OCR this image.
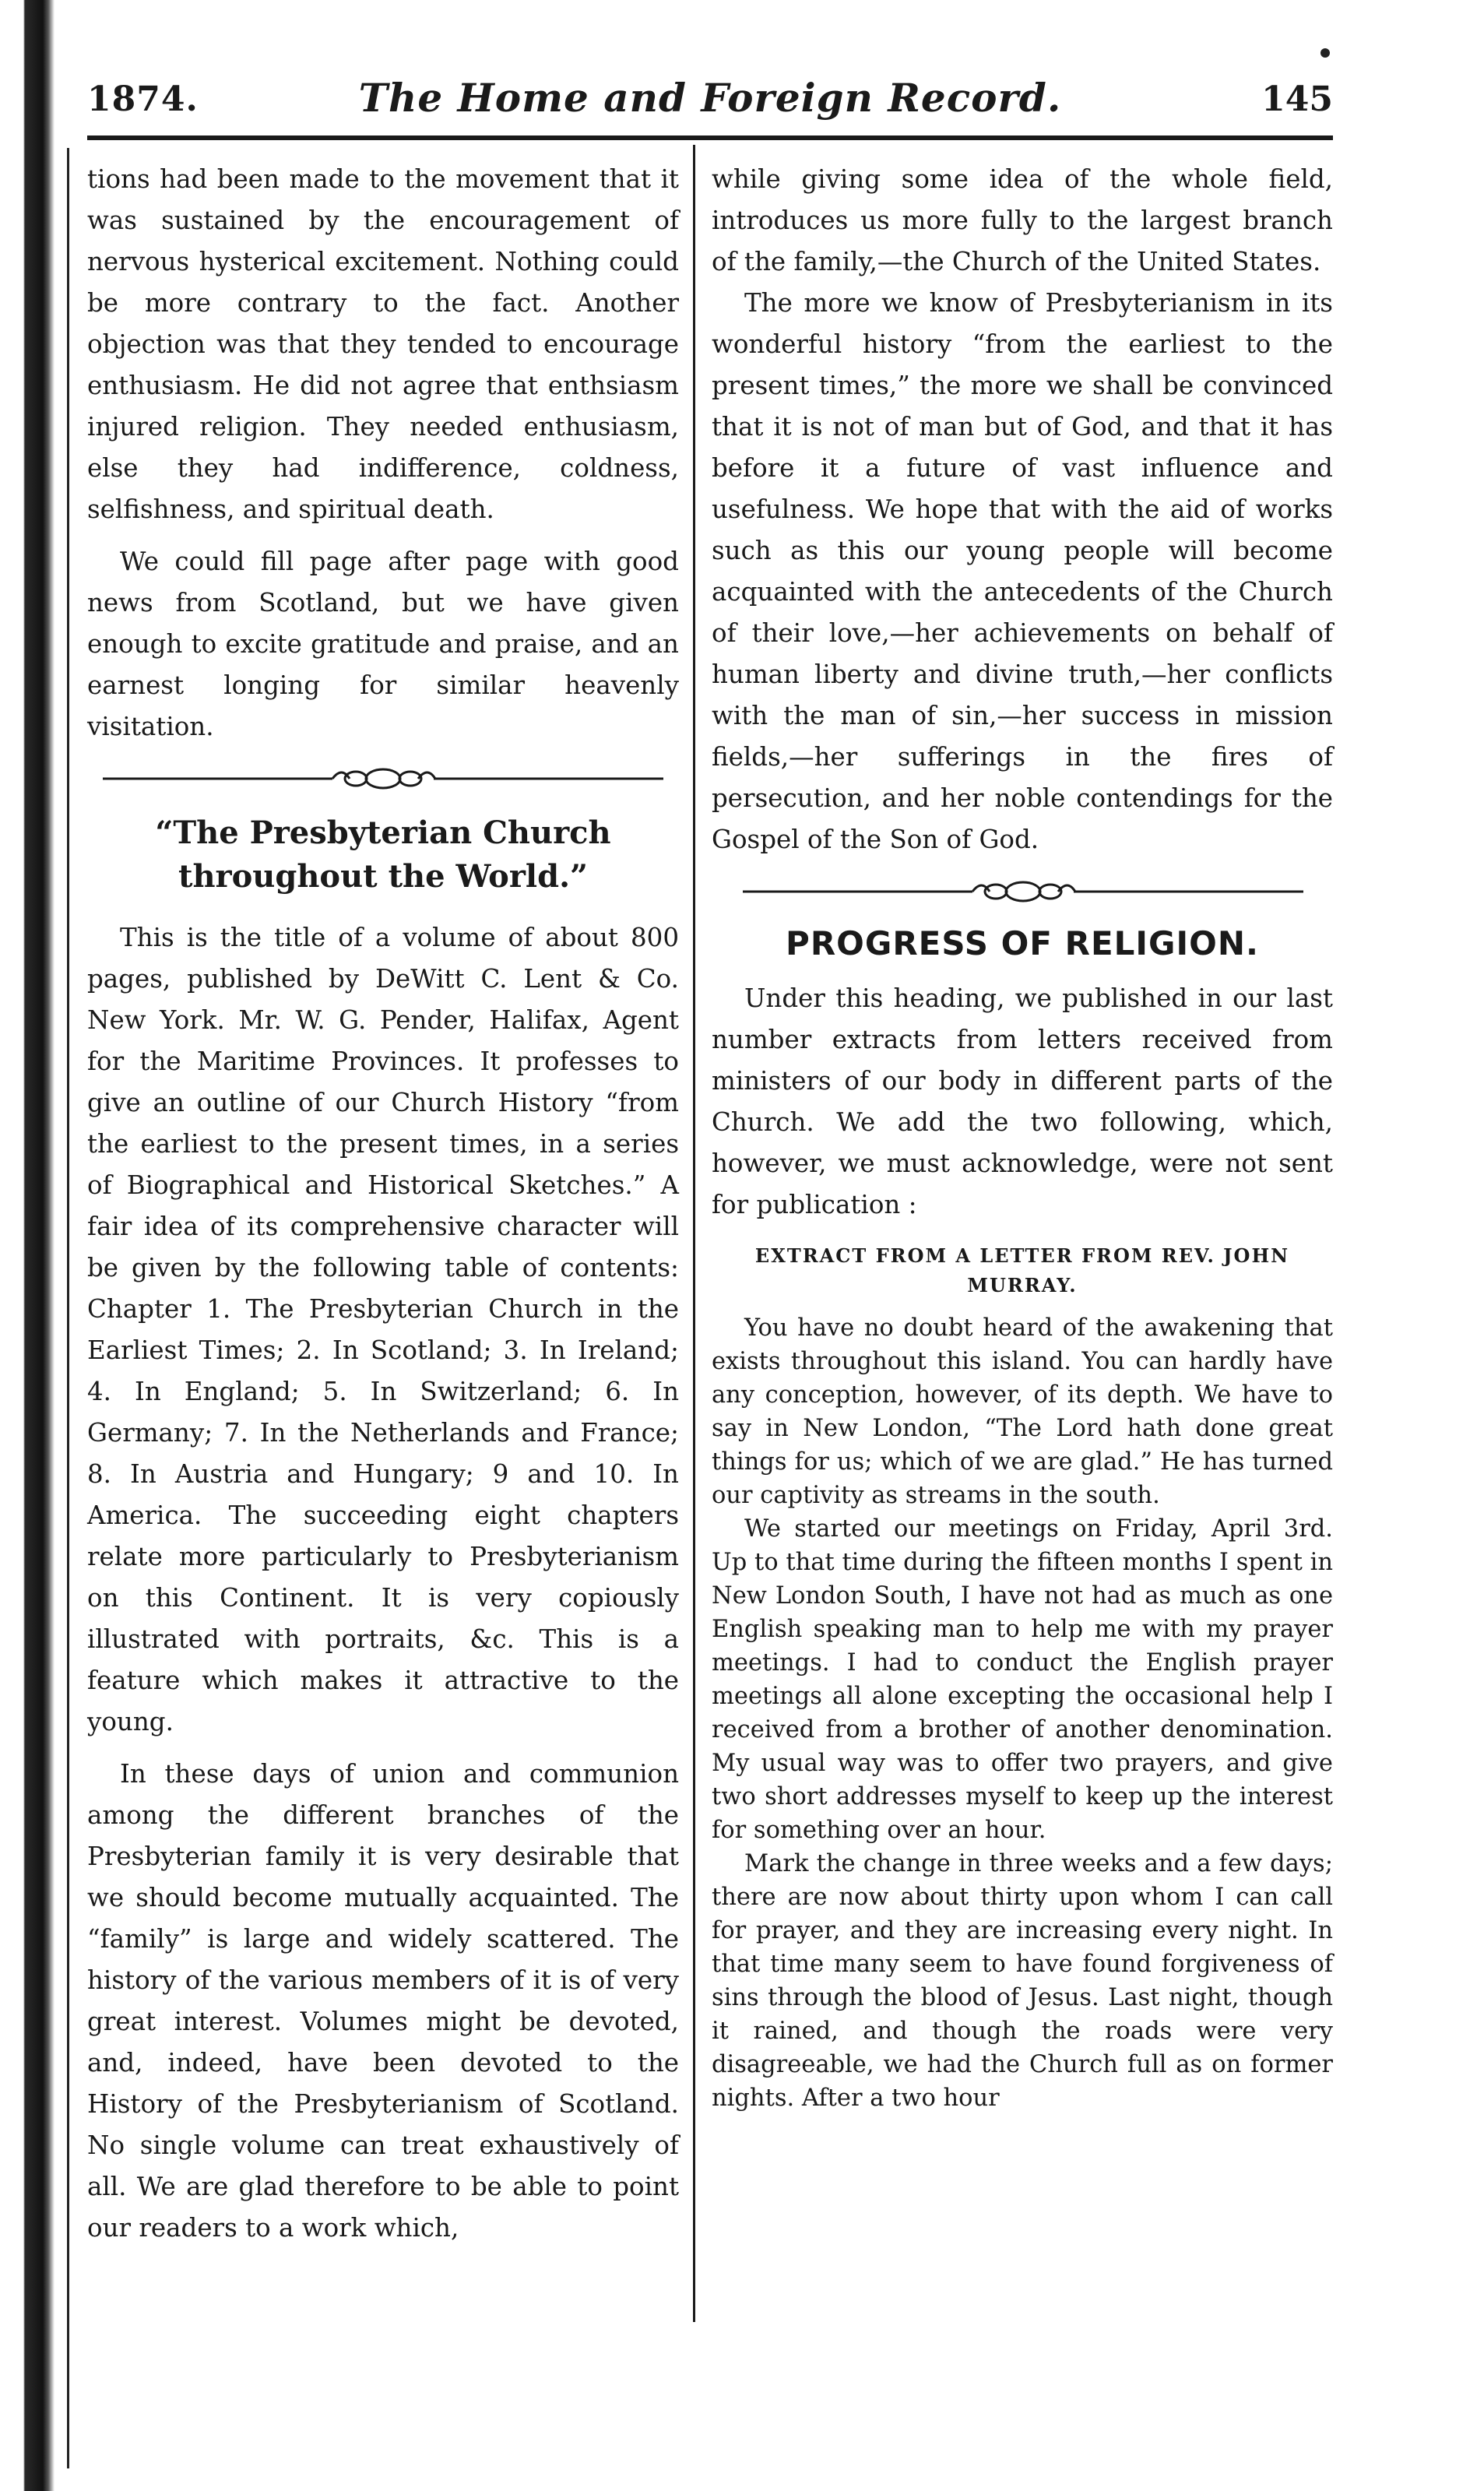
1874.	The Home and Foreign Record.	145

tions had been made to the movement that it was sustained by the encouragement of nervous hysterical excitement. Nothing could be more contrary to the fact. Another objection was that they tended to encourage enthusiasm. He did not agree that enthsiasm injured religion. They needed enthusiasm, else they had indifference, coldness, selfishness, and spiritual death.

We could fill page after page with good news from Scotland, but we have given enough to excite gratitude and praise, and an earnest longing for similar heavenly visitation.

“The Presbyterian Church throughout the World.”

This is the title of a volume of about 800 pages, published by DeWitt C. Lent & Co. New York. Mr. W. G. Pender, Halifax, Agent for the Maritime Provinces. It professes to give an outline of our Church History “from the earliest to the present times, in a series of Biographical and Historical Sketches.” A fair idea of its comprehensive character will be given by the following table of contents: Chapter 1. The Presbyterian Church in the Earliest Times; 2. In Scotland; 3. In Ireland; 4. In England; 5. In Switzerland; 6. In Germany; 7. In the Netherlands and France; 8. In Austria and Hungary; 9 and 10. In America. The succeeding eight chapters relate more particularly to Presbyterianism on this Continent. It is very copiously illustrated with portraits, &c. This is a feature which makes it attractive to the young.

In these days of union and communion among the different branches of the Presbyterian family it is very desirable that we should become mutually acquainted. The “family” is large and widely scattered. The history of the various members of it is of very great interest. Volumes might be devoted, and, indeed, have been devoted to the History of the Presbyterianism of Scotland. No single volume can treat exhaustively of all. We are glad therefore to be able to point our readers to a work which,

while giving some idea of the whole field, introduces us more fully to the largest branch of the family,—the Church of the United States.

The more we know of Presbyterianism in its wonderful history “from the earliest to the present times,” the more we shall be convinced that it is not of man but of God, and that it has before it a future of vast influence and usefulness. We hope that with the aid of works such as this our young people will become acquainted with the antecedents of the Church of their love,—her achievements on behalf of human liberty and divine truth,—her conflicts with the man of sin,—her success in mission fields,—her sufferings in the fires of persecution, and her noble contendings for the Gospel of the Son of God.

PROGRESS OF RELIGION.

Under this heading, we published in our last number extracts from letters received from ministers of our body in different parts of the Church. We add the two following, which, however, we must acknowledge, were not sent for publication :

EXTRACT FROM A LETTER FROM REV. JOHN MURRAY.

You have no doubt heard of the awakening that exists throughout this island. You can hardly have any conception, however, of its depth. We have to say in New London, “The Lord hath done great things for us; which of we are glad.” He has turned our captivity as streams in the south.

We started our meetings on Friday, April 3rd. Up to that time during the fifteen months I spent in New London South, I have not had as much as one English speaking man to help me with my prayer meetings. I had to conduct the English prayer meetings all alone excepting the occasional help I received from a brother of another denomination. My usual way was to offer two prayers, and give two short addresses myself to keep up the interest for something over an hour.

Mark the change in three weeks and a few days; there are now about thirty upon whom I can call for prayer, and they are increasing every night. In that time many seem to have found forgiveness of sins through the blood of Jesus. Last night, though it rained, and though the roads were very disagreeable, we had the Church full as on former nights. After a two hour
